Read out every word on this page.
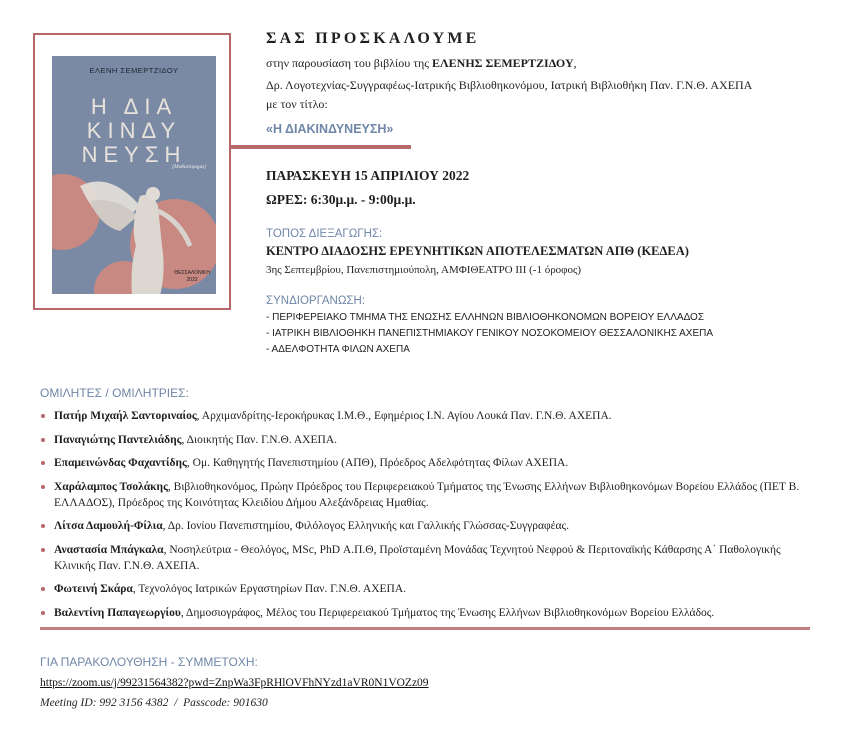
ΕΛΕΝΗ ΣΕΜΕΡΤΖΙΔΟΥ
Η ΔΙΑ
ΚΙΝΔΥ
ΝΕΥΣΗ
[Μυθιστόρημα]
ΘΕΣΣΑΛΟΝΙΚΗ
2022
ΣΑΣ ΠΡΟΣΚΑΛΟΥΜΕ
στην παρουσίαση του βιβλίου της ΕΛΕΝΗΣ ΣΕΜΕΡΤΖΙΔΟΥ,
Δρ. Λογοτεχνίας-Συγγραφέως-Ιατρικής Βιβλιοθηκονόμου, Ιατρική Βιβλιοθήκη Παν. Γ.Ν.Θ. ΑΧΕΠΑ
με τον τίτλο:
«Η ΔΙΑΚΙΝΔΥΝΕΥΣΗ»
ΠΑΡΑΣΚΕΥΗ 15 ΑΠΡΙΛΙΟΥ 2022
ΩΡΕΣ: 6:30μ.μ. - 9:00μ.μ.
ΤΟΠΟΣ ΔΙΕΞΑΓΩΓΗΣ:
ΚΕΝΤΡΟ ΔΙΑΔΟΣΗΣ ΕΡΕΥΝΗΤΙΚΩΝ ΑΠΟΤΕΛΕΣΜΑΤΩΝ ΑΠΘ (ΚΕΔΕΑ)
3ης Σεπτεμβρίου, Πανεπιστημιούπολη, ΑΜΦΙΘΕΑΤΡΟ ΙΙΙ (-1 όροφος)
ΣΥΝΔΙΟΡΓΑΝΩΣΗ:
- ΠΕΡΙΦΕΡΕΙΑΚΟ ΤΜΗΜΑ ΤΗΣ ΕΝΩΣΗΣ ΕΛΛΗΝΩΝ ΒΙΒΛΙΟΘΗΚΟΝΟΜΩΝ ΒΟΡΕΙΟΥ ΕΛΛΑΔΟΣ
- ΙΑΤΡΙΚΗ ΒΙΒΛΙΟΘΗΚΗ ΠΑΝΕΠΙΣΤΗΜΙΑΚΟΥ ΓΕΝΙΚΟΥ ΝΟΣΟΚΟΜΕΙΟΥ ΘΕΣΣΑΛΟΝΙΚΗΣ ΑΧΕΠΑ
- ΑΔΕΛΦΟΤΗΤΑ ΦΙΛΩΝ ΑΧΕΠΑ
ΟΜΙΛΗΤΕΣ / ΟΜΙΛΗΤΡΙΕΣ:
Πατήρ Μιχαήλ Σαντοριναίος, Αρχιμανδρίτης-Ιεροκήρυκας Ι.Μ.Θ., Εφημέριος Ι.Ν. Αγίου Λουκά Παν. Γ.Ν.Θ. ΑΧΕΠΑ.
Παναγιώτης Παντελιάδης, Διοικητής Παν. Γ.Ν.Θ. ΑΧΕΠΑ.
Επαμεινώνδας Φαχαντίδης, Ομ. Καθηγητής Πανεπιστημίου (ΑΠΘ), Πρόεδρος Αδελφότητας Φίλων ΑΧΕΠΑ.
Χαράλαμπος Τσολάκης, Βιβλιοθηκονόμος, Πρώην Πρόεδρος του Περιφερειακού Τμήματος της Ένωσης Ελλήνων Βιβλιοθηκονόμων Βορείου Ελλάδος (ΠΕΤ Β. ΕΛΛΑΔΟΣ), Πρόεδρος της Κοινότητας Κλειδίου Δήμου Αλεξάνδρειας Ημαθίας.
Λίτσα Δαμουλή-Φίλια, Δρ. Ιονίου Πανεπιστημίου, Φιλόλογος Ελληνικής και Γαλλικής Γλώσσας-Συγγραφέας.
Αναστασία Μπάγκαλα, Νοσηλεύτρια - Θεολόγος, MSc, PhD Α.Π.Θ, Προϊσταμένη Μονάδας Τεχνητού Νεφρού & Περιτοναϊκής Κάθαρσης Α΄ Παθολογικής Κλινικής Παν. Γ.Ν.Θ. ΑΧΕΠΑ.
Φωτεινή Σκάρα, Τεχνολόγος Ιατρικών Εργαστηρίων Παν. Γ.Ν.Θ. ΑΧΕΠΑ.
Βαλεντίνη Παπαγεωργίου, Δημοσιογράφος, Μέλος του Περιφερειακού Τμήματος της Ένωσης Ελλήνων Βιβλιοθηκονόμων Βορείου Ελλάδος.
ΓΙΑ ΠΑΡΑΚΟΛΟΥΘΗΣΗ - ΣΥΜΜΕΤΟΧΗ:
https://zoom.us/j/99231564382?pwd=ZnpWa3FpRHlOVFhNYzd1aVR0N1VOZz09
Meeting ID: 992 3156 4382 / Passcode: 901630
